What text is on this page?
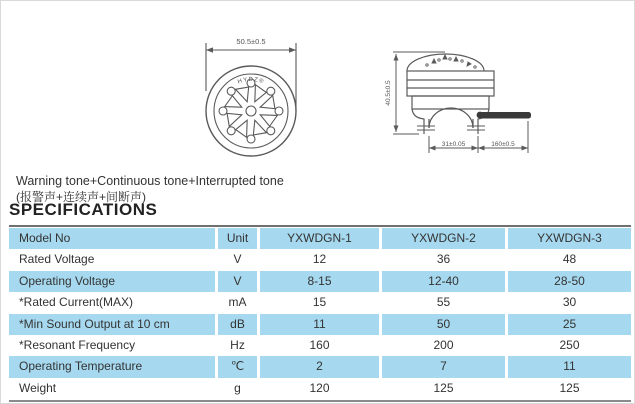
50.5±0.5
HYDZ®	40.5±0.5
31±0.05	160±0.5
Warning tone+Continuous tone+Interrupted tone
(报警声+连续声+间断声)
SPECIFICATIONS
Model No	Unit	YXWDGN-1	YXWDGN-2	YXWDGN-3
Rated Voltage	V	12	36	48
Operating Voltage	V	8-15	12-40	28-50
*Rated Current(MAX)	mA	15	55	30
*Min Sound Output at 10 cm	dB	11	50	25
*Resonant Frequency	Hz	160	200	250
Operating Temperature	℃	2	7	11
Weight	g	120	125	125
